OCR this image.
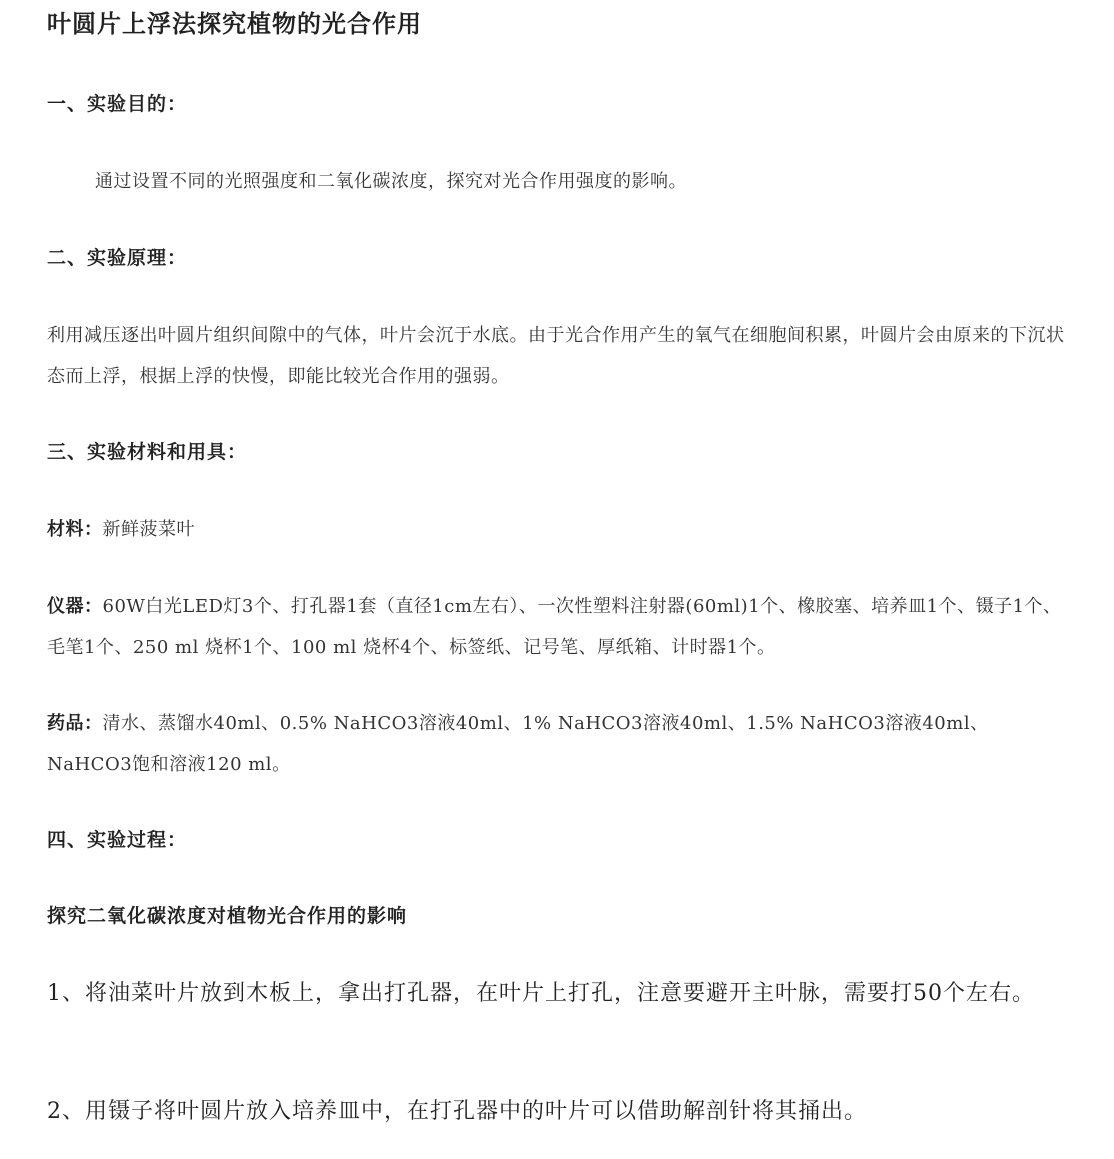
叶圆片上浮法探究植物的光合作用
一、实验目的：

通过设置不同的光照强度和二氧化碳浓度，探究对光合作用强度的影响。

二、实验原理：

利用减压逐出叶圆片组织间隙中的气体，叶片会沉于水底。由于光合作用产生的氧气在细胞间积累，叶圆片会由原来的下沉状态而上浮，根据上浮的快慢，即能比较光合作用的强弱。

三、实验材料和用具：

材料：新鲜菠菜叶

仪器：60W白光LED灯3个、打孔器1套（直径1cm左右）、一次性塑料注射器(60ml)1个、橡胶塞、培养皿1个、镊子1个、毛笔1个、250 ml 烧杯1个、100 ml 烧杯4个、标签纸、记号笔、厚纸箱、计时器1个。

药品：清水、蒸馏水40ml、0.5% NaHCO3溶液40ml、1% NaHCO3溶液40ml、1.5% NaHCO3溶液40ml、NaHCO3饱和溶液120 ml。

四、实验过程：
探究二氧化碳浓度对植物光合作用的影响

1、将油菜叶片放到木板上，拿出打孔器，在叶片上打孔，注意要避开主叶脉，需要打50个左右。

2、用镊子将叶圆片放入培养皿中，在打孔器中的叶片可以借助解剖针将其捅出。
